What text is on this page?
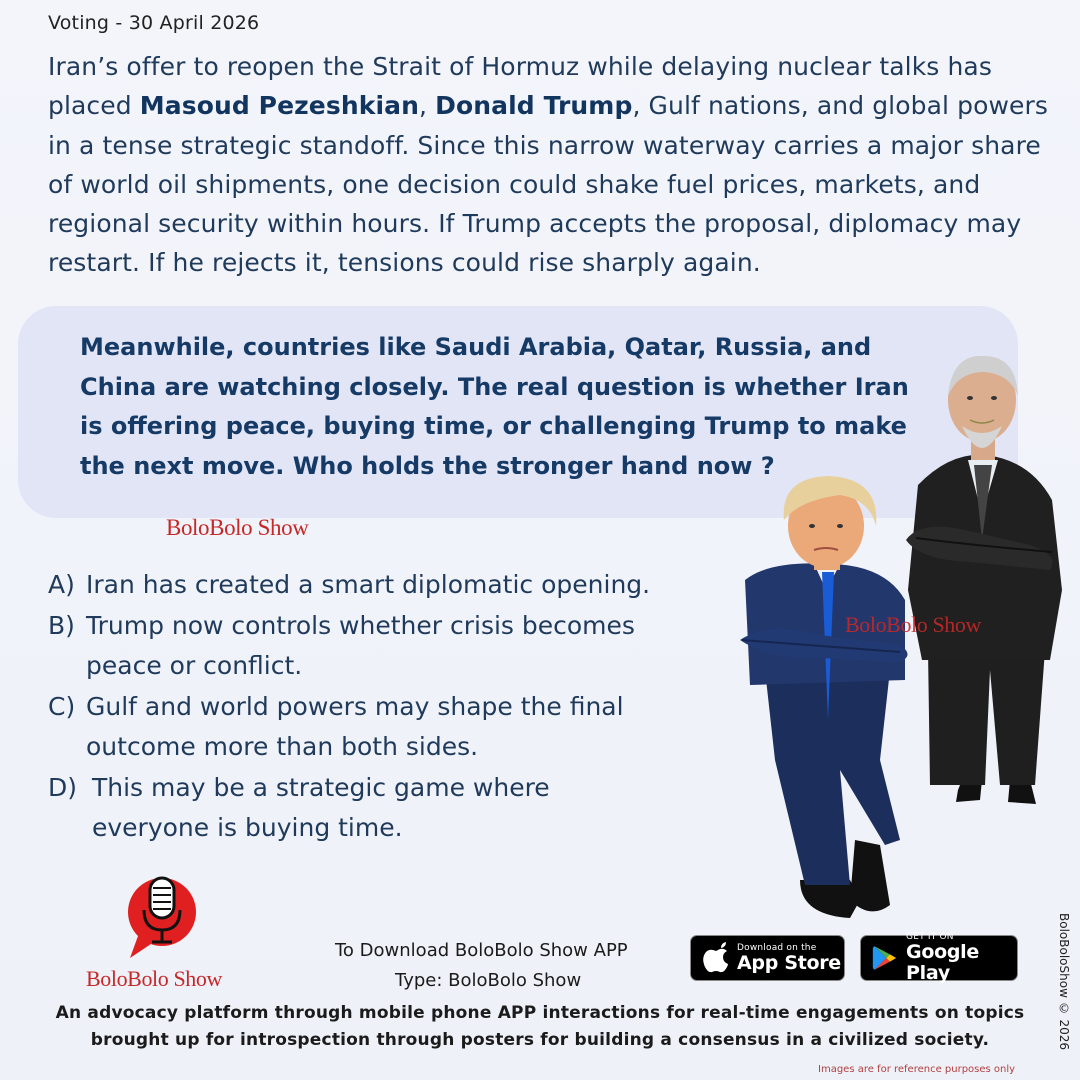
Voting - 30 April 2026
Iran’s offer to reopen the Strait of Hormuz while delaying nuclear talks has placed Masoud Pezeshkian, Donald Trump, Gulf nations, and global powers in a tense strategic standoff. Since this narrow waterway carries a major share of world oil shipments, one decision could shake fuel prices, markets, and regional security within hours. If Trump accepts the proposal, diplomacy may restart. If he rejects it, tensions could rise sharply again.
Meanwhile, countries like Saudi Arabia, Qatar, Russia, and China are watching closely. The real question is whether Iran is offering peace, buying time, or challenging Trump to make the next move. Who holds the stronger hand now ?
BoloBolo Show
BoloBolo Show
A) Iran has created a smart diplomatic opening.
B) Trump now controls whether crisis becomes peace or conflict.
C) Gulf and world powers may shape the final outcome more than both sides.
D) This may be a strategic game where everyone is buying time.
BoloBolo Show
To Download BoloBolo Show APP
Type: BoloBolo Show
Download on the
App Store
GET IT ON
Google Play
An advocacy platform through mobile phone APP interactions for real-time engagements on topics brought up for introspection through posters for building a consensus in a civilized society.	BoloBoloShow © 2026
Images are for reference purposes only
